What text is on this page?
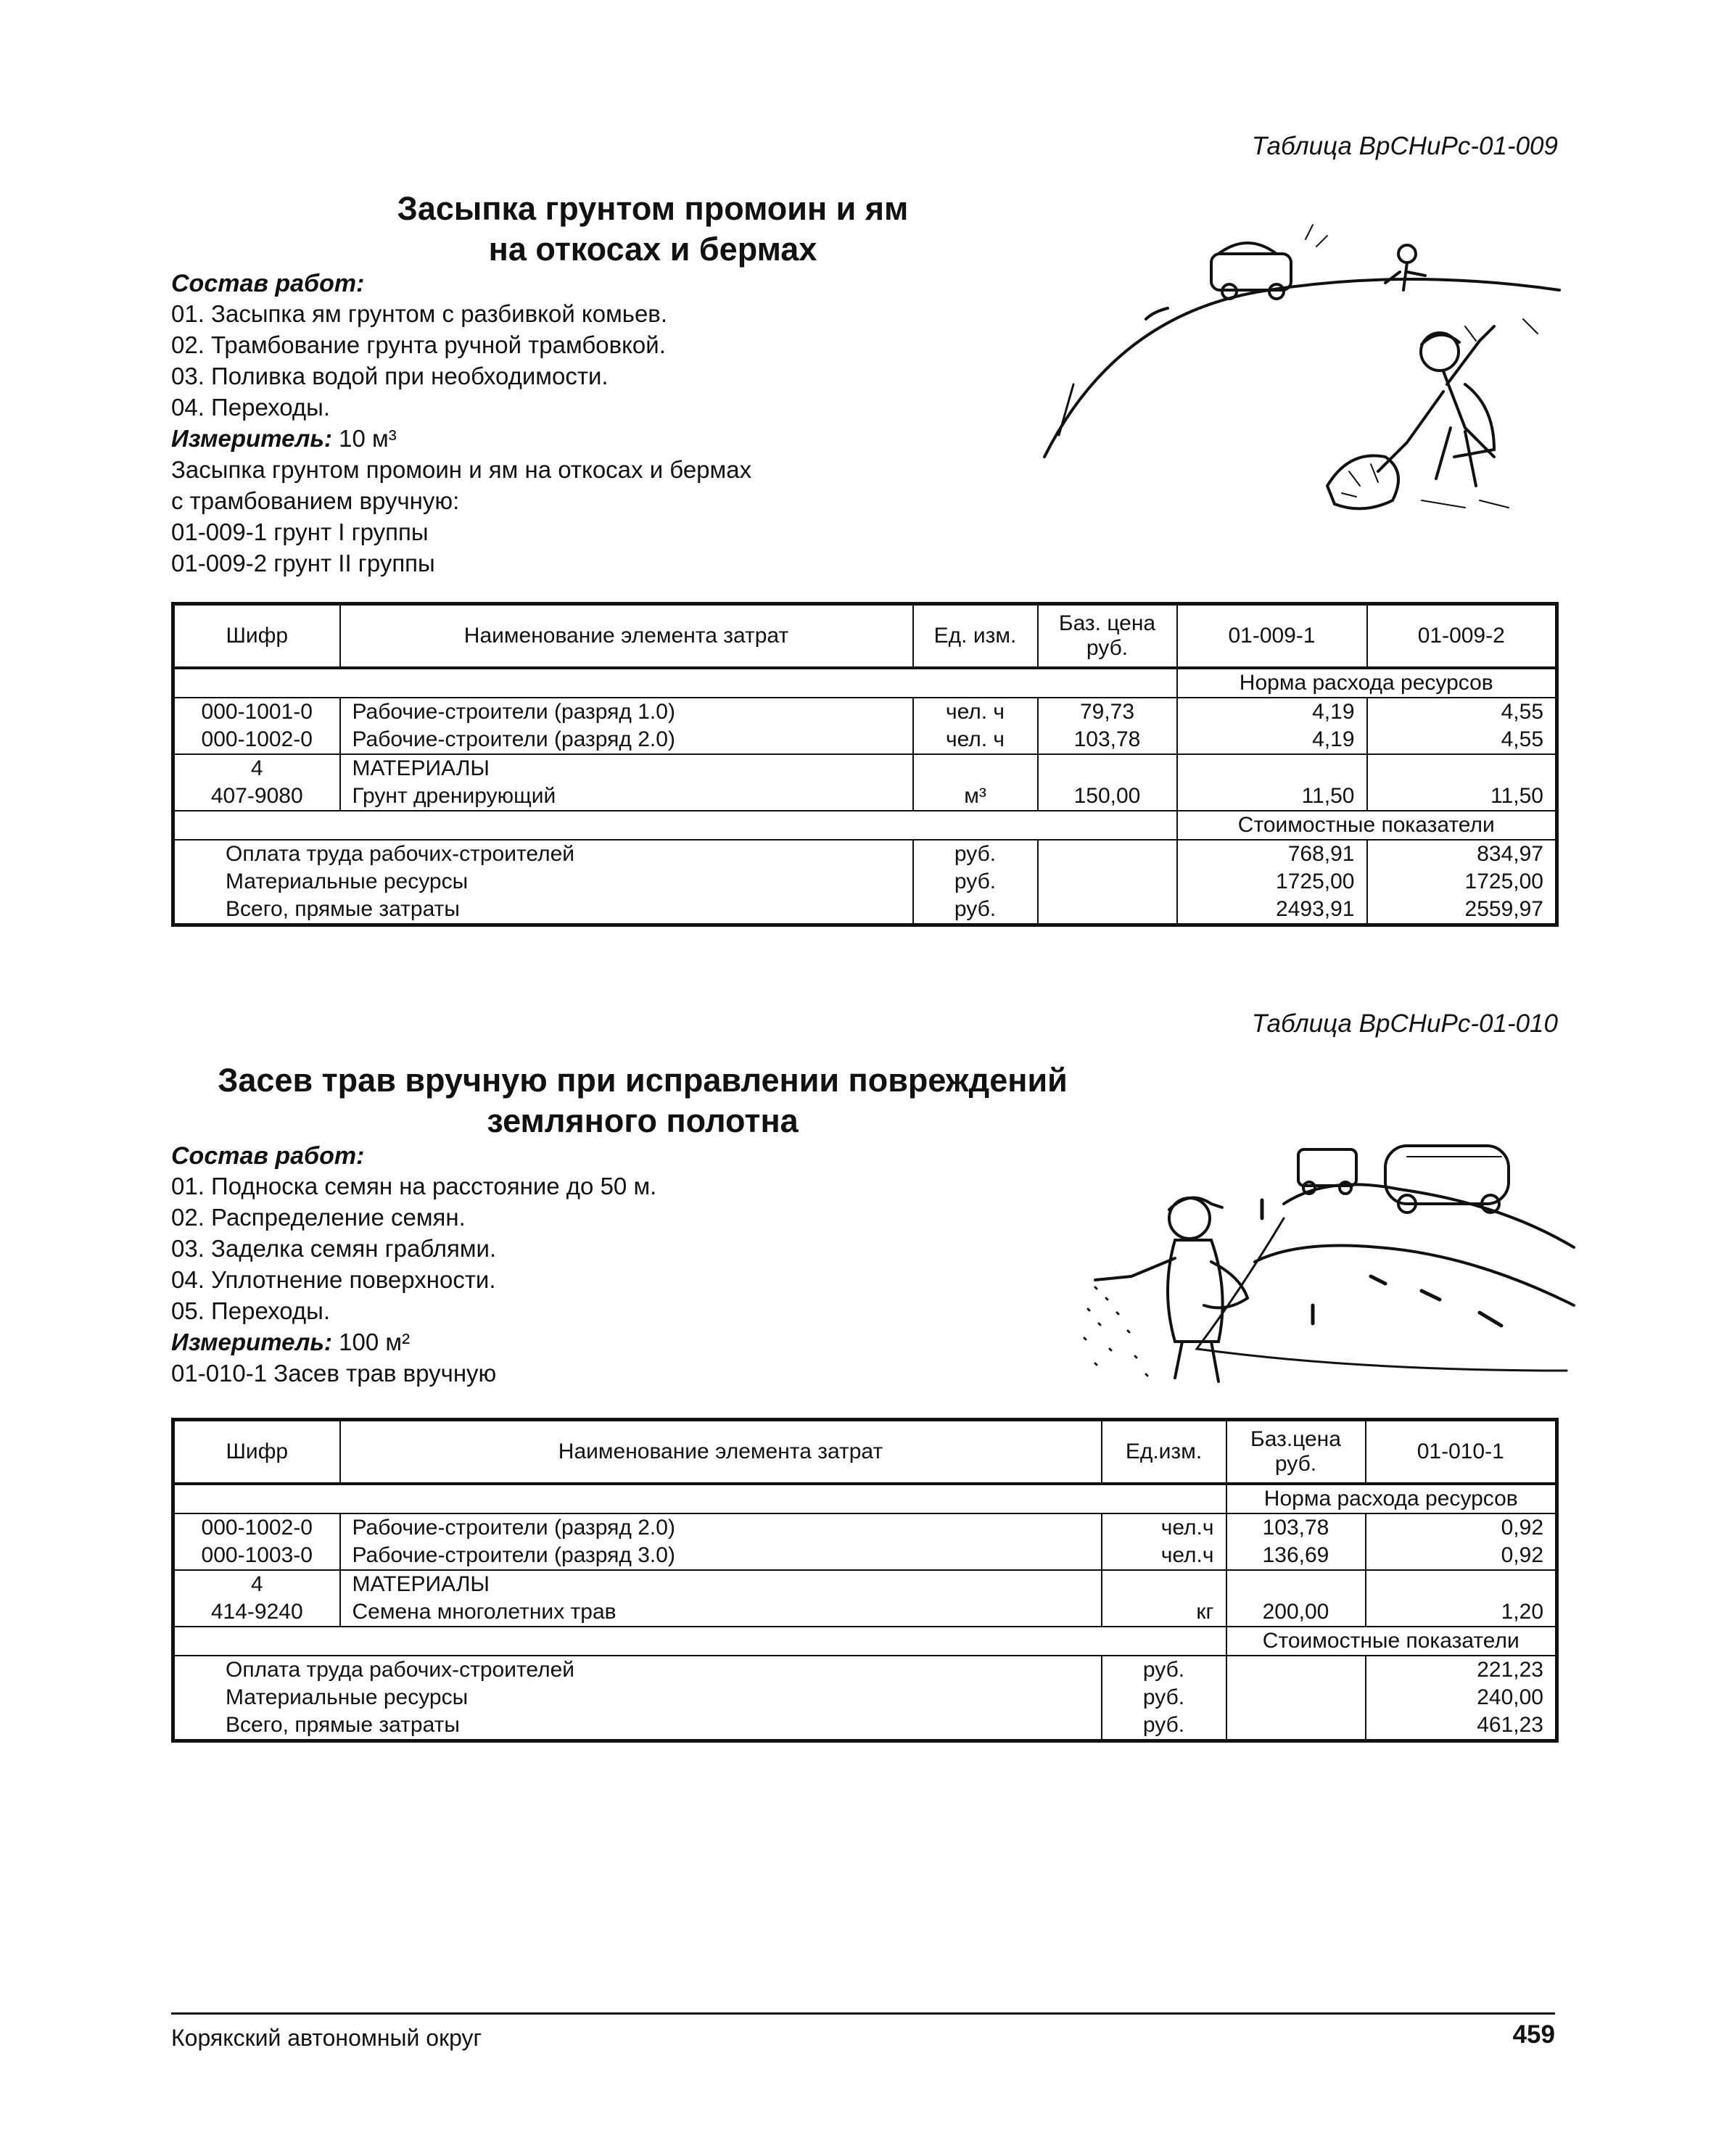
Таблица ВрСНиРс-01-009
Засыпка грунтом промоин и ям
на откосах и бермах
Состав работ:
01. Засыпка ям грунтом с разбивкой комьев.
02. Трамбование грунта ручной трамбовкой.
03. Поливка водой при необходимости.
04. Переходы.
Измеритель: 10 м³
Засыпка грунтом промоин и ям на откосах и бермах
с трамбованием вручную:
01-009-1 грунт I группы
01-009-2 грунт II группы
Шифр	Наименование элемента затрат	Ед. изм.	Баз. цена руб.	01-009-1	01-009-2
				Норма расхода ресурсов	
000-1001-0	Рабочие-строители (разряд 1.0)	чел. ч	79,73	4,19	4,55
000-1002-0	Рабочие-строители (разряд 2.0)	чел. ч	103,78	4,19	4,55
4	МАТЕРИАЛЫ				
407-9080	Грунт дренирующий	м³	150,00	11,50	11,50
				Стоимостные показатели	
Оплата труда рабочих-строителей		руб.		768,91	834,97
Материальные ресурсы		руб.		1725,00	1725,00
Всего, прямые затраты		руб.		2493,91	2559,97
Таблица ВрСНиРс-01-010
Засев трав вручную при исправлении повреждений
земляного полотна
Состав работ:
01. Подноска семян на расстояние до 50 м.
02. Распределение семян.
03. Заделка семян граблями.
04. Уплотнение поверхности.
05. Переходы.
Измеритель: 100 м²
01-010-1 Засев трав вручную
Шифр	Наименование элемента затрат	Ед.изм.	Баз.цена руб.	01-010-1
			Норма расхода ресурсов	
000-1002-0	Рабочие-строители (разряд 2.0)	чел.ч	103,78	0,92
000-1003-0	Рабочие-строители (разряд 3.0)	чел.ч	136,69	0,92
4	МАТЕРИАЛЫ			
414-9240	Семена многолетних трав	кг	200,00	1,20
			Стоимостные показатели	
Оплата труда рабочих-строителей		руб.		221,23
Материальные ресурсы		руб.		240,00
Всего, прямые затраты		руб.		461,23
Корякский автономный округ	459
